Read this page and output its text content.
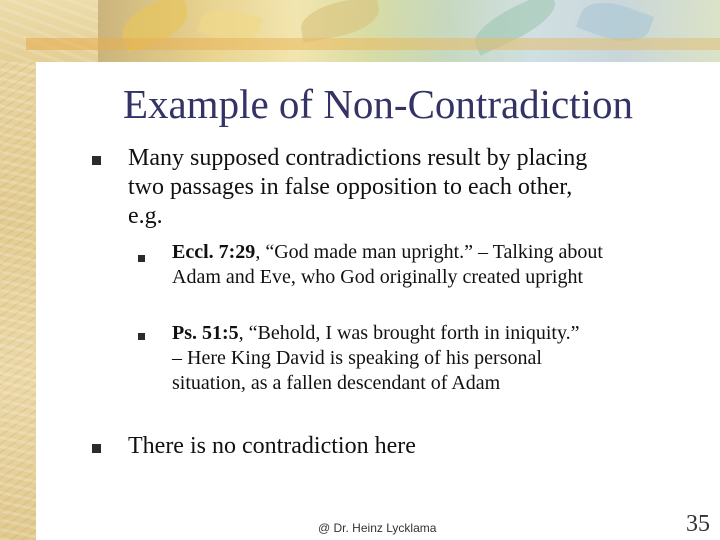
Example of Non-Contradiction
Many supposed contradictions result by placing two passages in false opposition to each other, e.g.
Eccl. 7:29, “God made man upright.” – Talking about Adam and Eve, who God originally created upright
Ps. 51:5, “Behold, I was brought forth in iniquity.” – Here King David is speaking of his personal situation, as a fallen descendant of Adam
There is no contradiction here
@ Dr. Heinz Lycklama	35
